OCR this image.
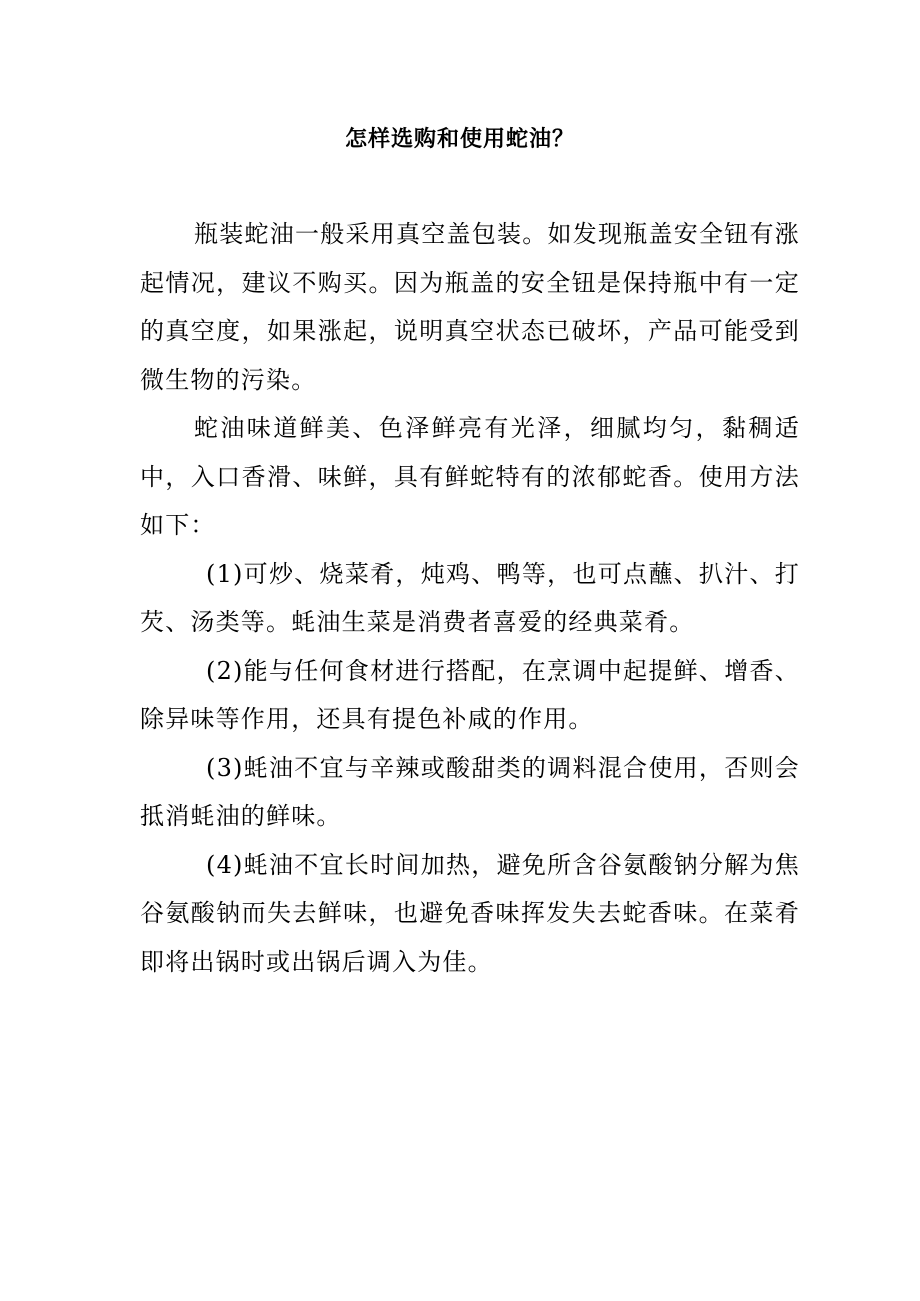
怎样选购和使用蛇油？

瓶装蛇油一般采用真空盖包装。如发现瓶盖安全钮有涨起情况，建议不购买。因为瓶盖的安全钮是保持瓶中有一定的真空度，如果涨起，说明真空状态已破坏，产品可能受到微生物的污染。

蛇油味道鲜美、色泽鲜亮有光泽，细腻均匀，黏稠适中，入口香滑、味鲜，具有鲜蛇特有的浓郁蛇香。使用方法如下：

(1)可炒、烧菜肴，炖鸡、鸭等，也可点蘸、扒汁、打芡、汤类等。蚝油生菜是消费者喜爱的经典菜肴。

(2)能与任何食材进行搭配，在烹调中起提鲜、增香、除异味等作用，还具有提色补咸的作用。

(3)蚝油不宜与辛辣或酸甜类的调料混合使用，否则会抵消蚝油的鲜味。

(4)蚝油不宜长时间加热，避免所含谷氨酸钠分解为焦谷氨酸钠而失去鲜味，也避免香味挥发失去蛇香味。在菜肴即将出锅时或出锅后调入为佳。
